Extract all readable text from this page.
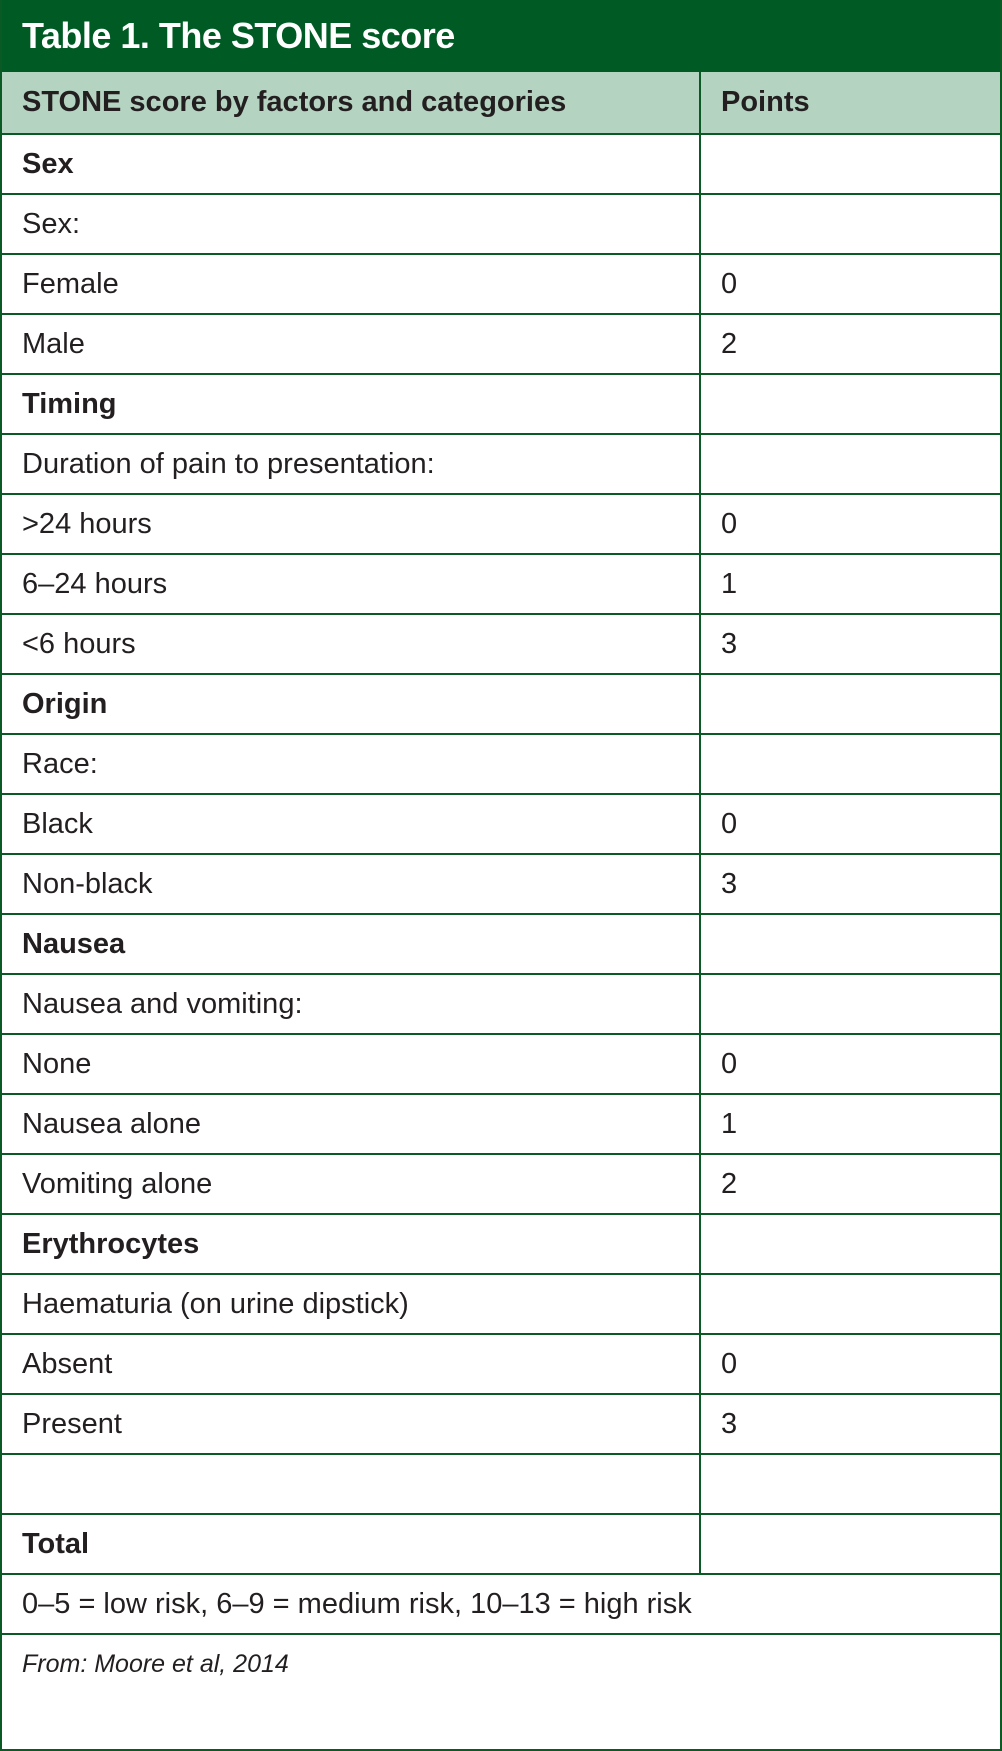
Table 1. The STONE score
STONE score by factors and categories	Points
Sex	
Sex:	
Female	0
Male	2
Timing	
Duration of pain to presentation:	
>24 hours	0
6–24 hours	1
<6 hours	3
Origin	
Race:	
Black	0
Non-black	3
Nausea	
Nausea and vomiting:	
None	0
Nausea alone	1
Vomiting alone	2
Erythrocytes	
Haematuria (on urine dipstick)	
Absent	0
Present	3

Total	
0–5 = low risk, 6–9 = medium risk, 10–13 = high risk	
From: Moore et al, 2014	
